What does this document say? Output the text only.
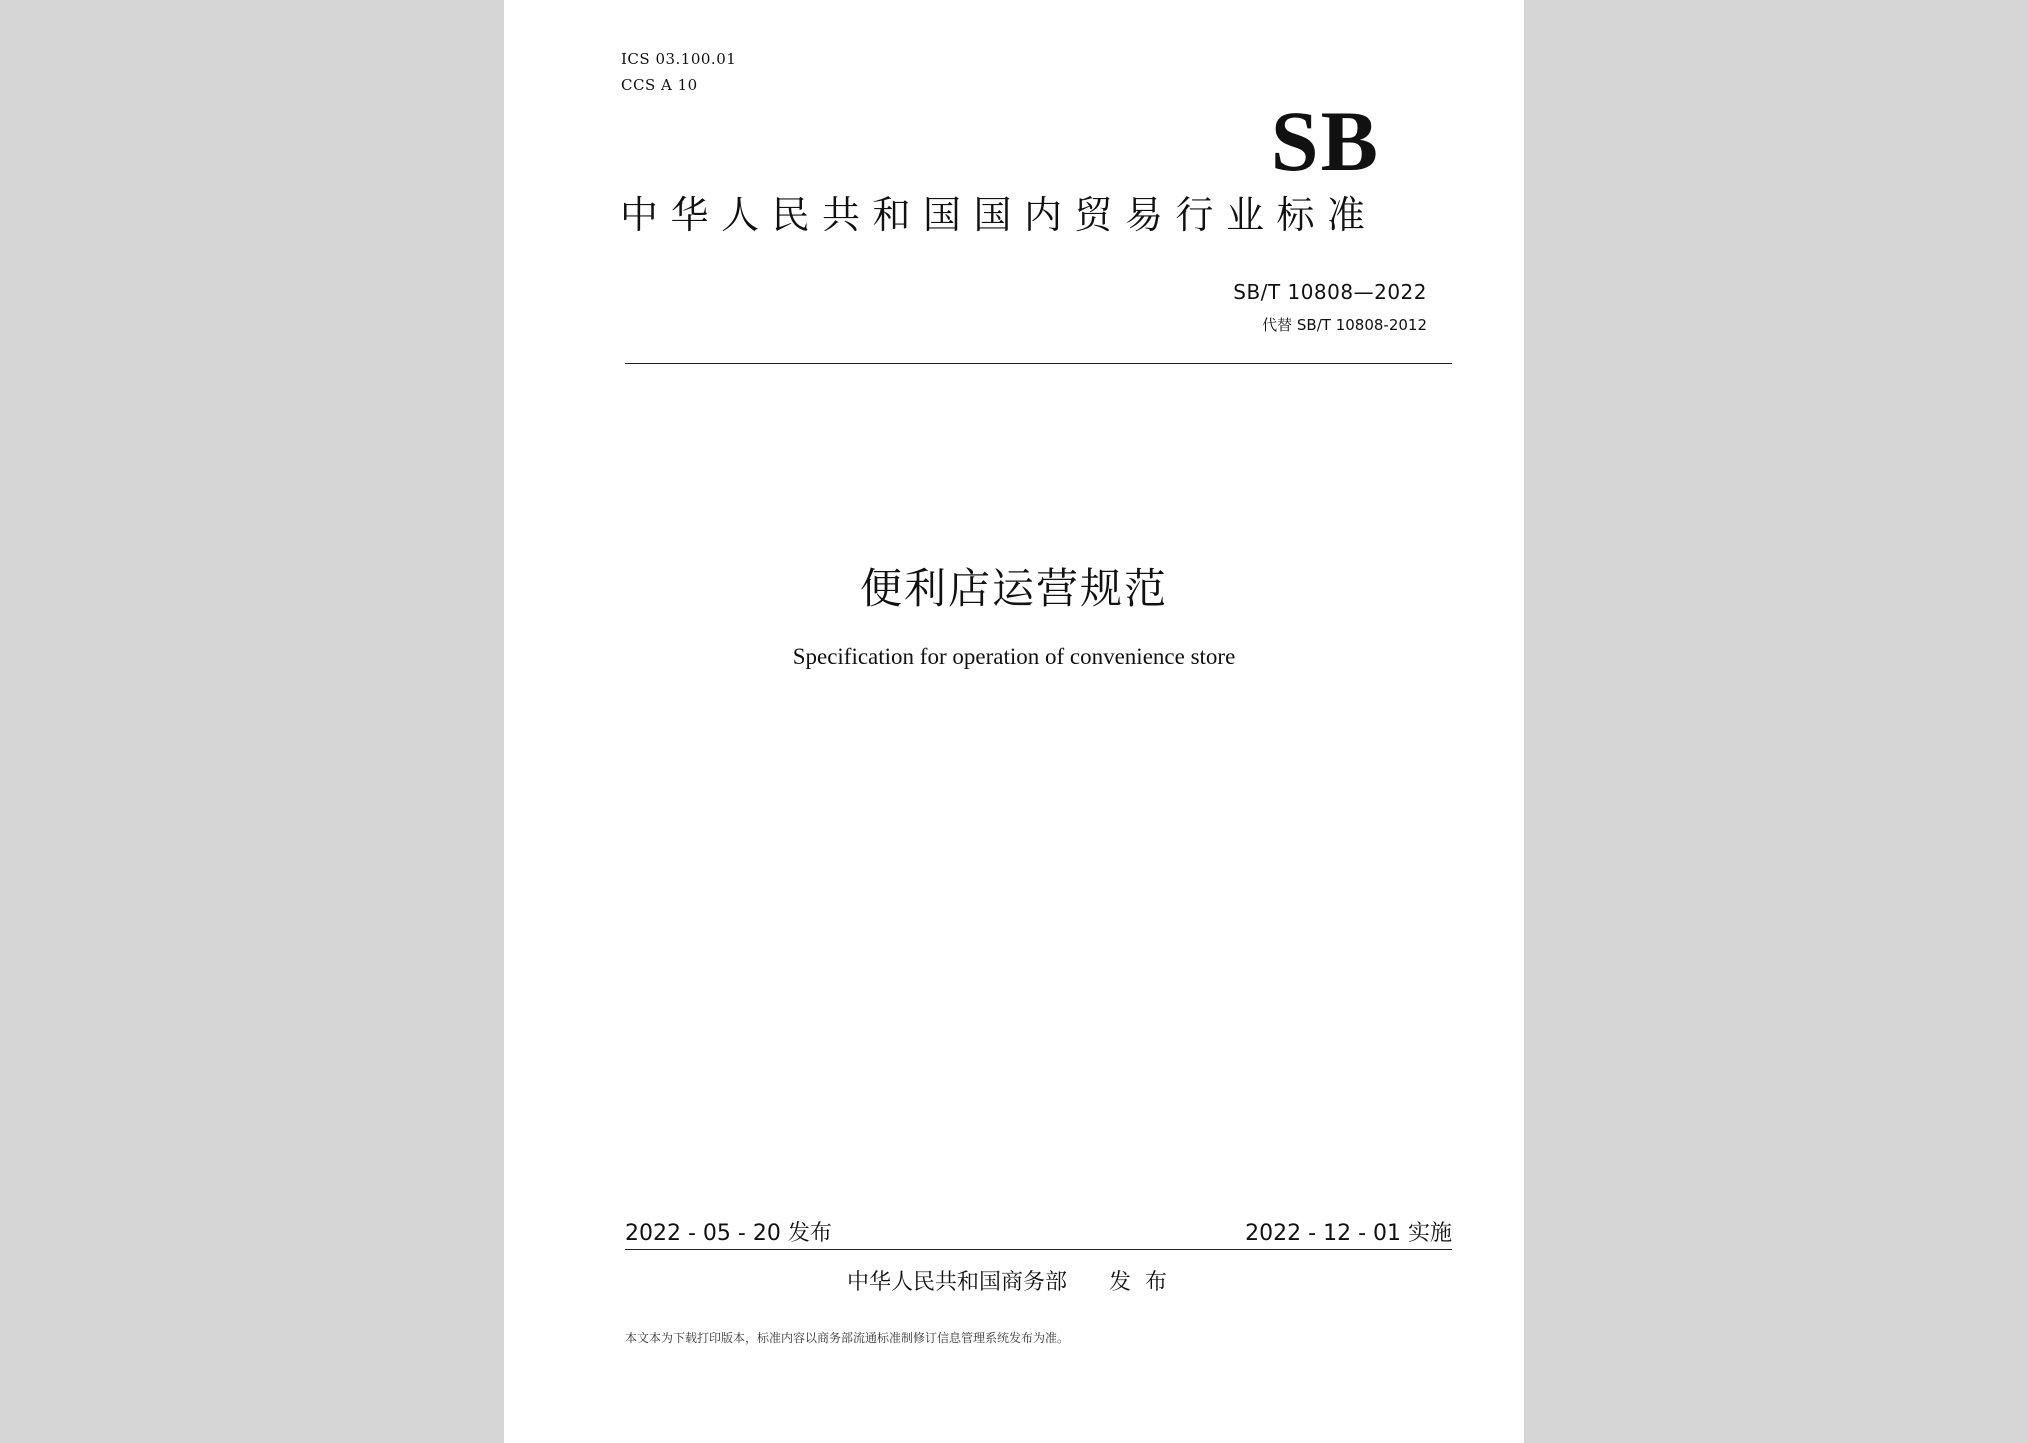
ICS 03.100.01
CCS A 10
SB
中华人民共和国国内贸易行业标准
SB/T 10808—2022
代替 SB/T 10808-2012
便利店运营规范
Specification for operation of convenience store
2022 - 05 - 20 发布	2022 - 12 - 01 实施
中华人民共和国商务部 发布
本文本为下载打印版本，标准内容以商务部流通标准制修订信息管理系统发布为准。
